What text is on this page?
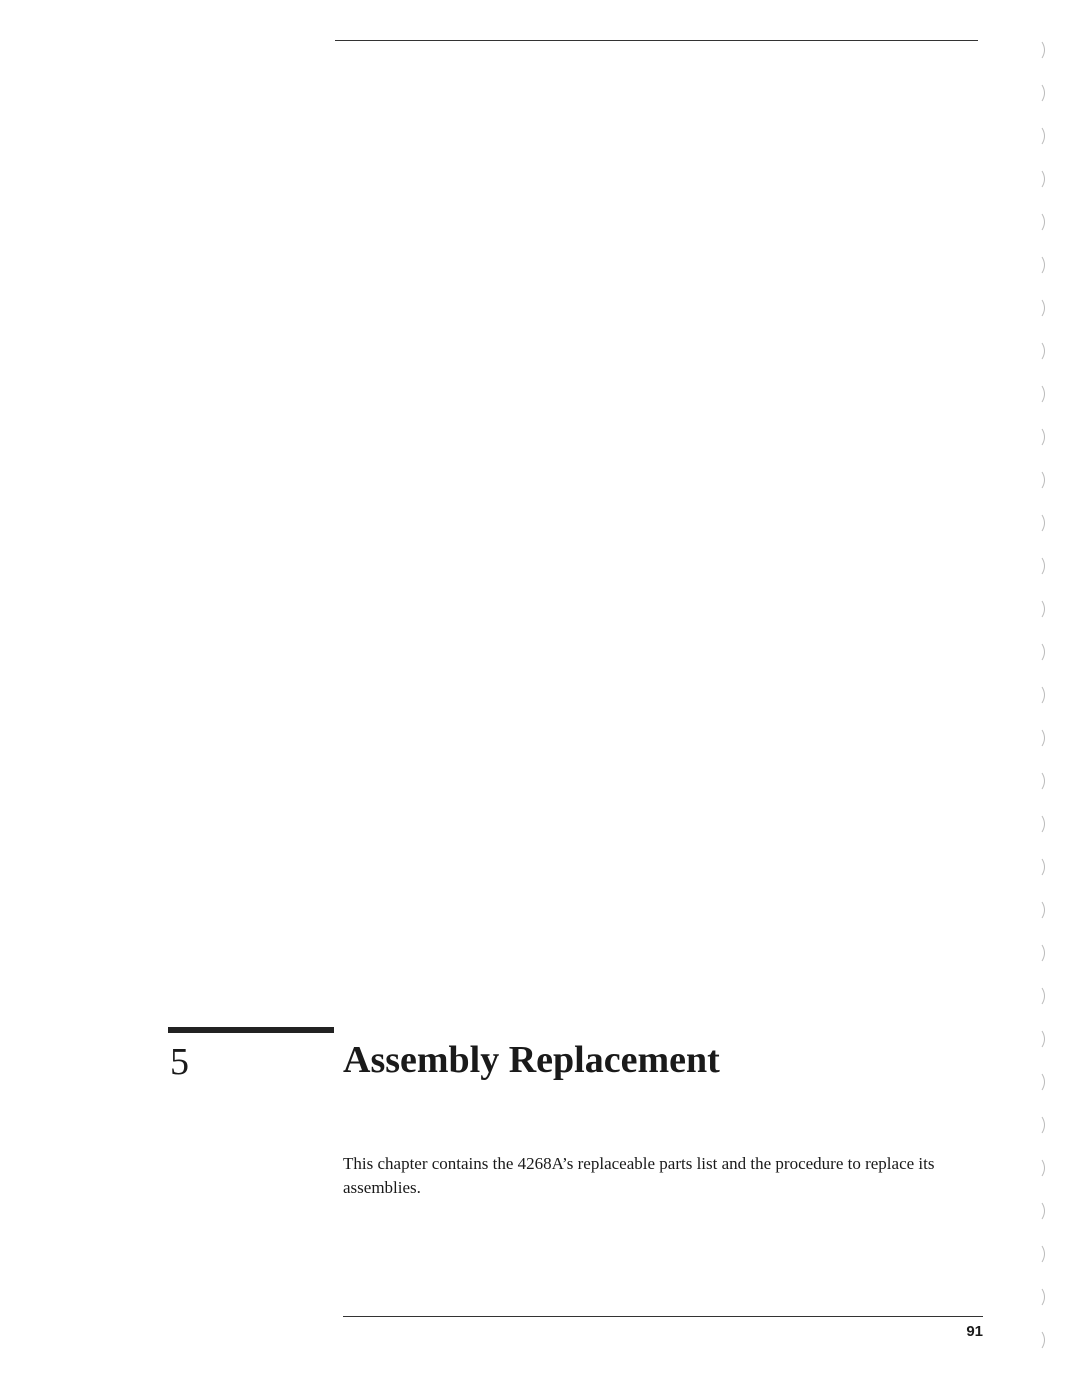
5	Assembly Replacement

This chapter contains the 4268A’s replaceable parts list and the procedure to replace its assemblies.

91
